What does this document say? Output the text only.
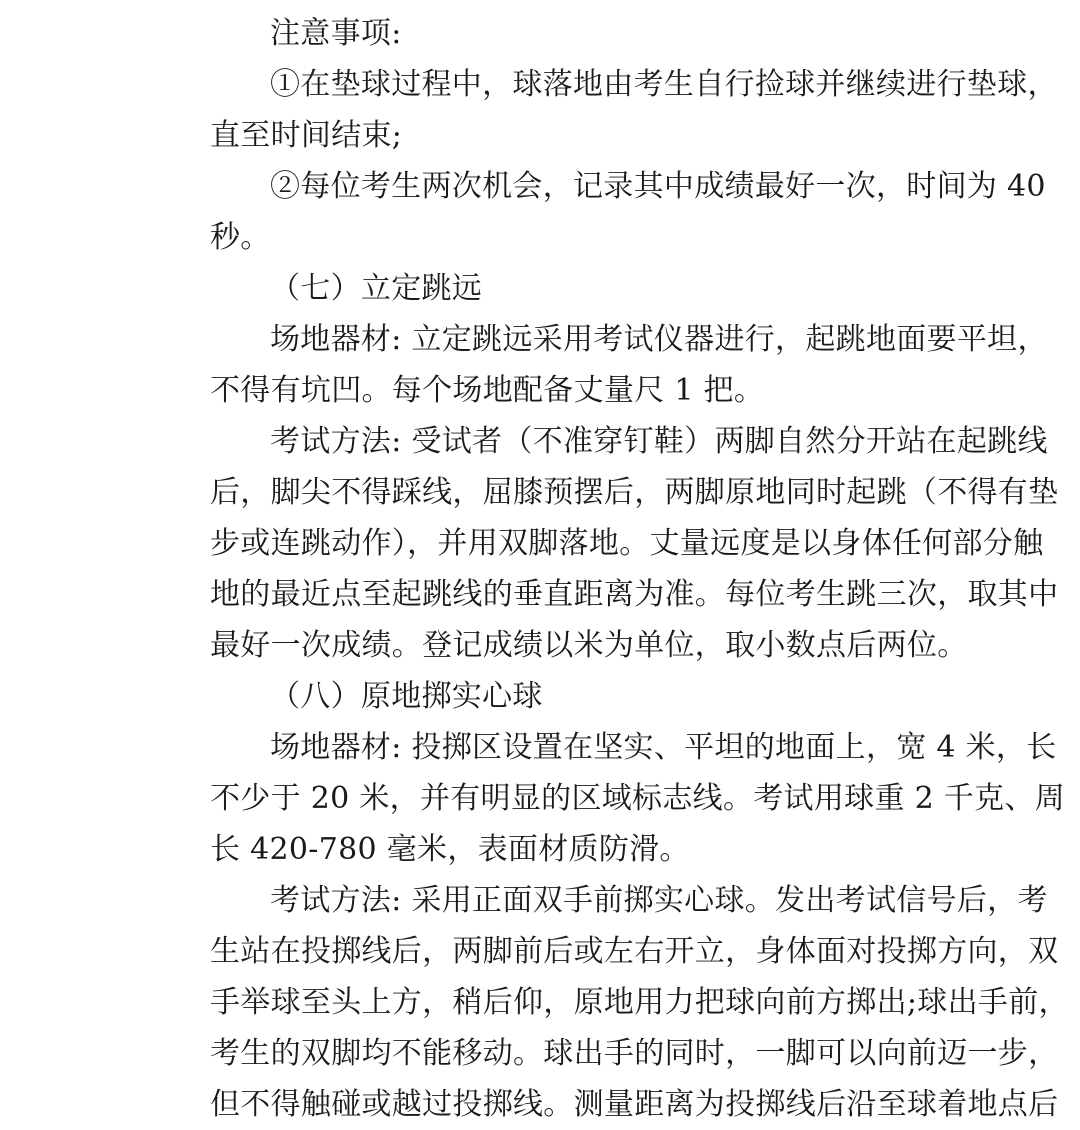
注意事项:
①在垫球过程中，球落地由考生自行捡球并继续进行垫球，
直至时间结束;
②每位考生两次机会，记录其中成绩最好一次，时间为 40
秒。
（七）立定跳远
场地器材: 立定跳远采用考试仪器进行，起跳地面要平坦，
不得有坑凹。每个场地配备丈量尺 1 把。
考试方法: 受试者（不准穿钉鞋）两脚自然分开站在起跳线
后，脚尖不得踩线，屈膝预摆后，两脚原地同时起跳（不得有垫
步或连跳动作），并用双脚落地。丈量远度是以身体任何部分触
地的最近点至起跳线的垂直距离为准。每位考生跳三次，取其中
最好一次成绩。登记成绩以米为单位，取小数点后两位。
（八）原地掷实心球
场地器材: 投掷区设置在坚实、平坦的地面上，宽 4 米，长
不少于 20 米，并有明显的区域标志线。考试用球重 2 千克、周
长 420-780 毫米，表面材质防滑。
考试方法: 采用正面双手前掷实心球。发出考试信号后，考
生站在投掷线后，两脚前后或左右开立，身体面对投掷方向，双
手举球至头上方，稍后仰，原地用力把球向前方掷出;球出手前，
考生的双脚均不能移动。球出手的同时，一脚可以向前迈一步，
但不得触碰或越过投掷线。测量距离为投掷线后沿至球着地点后
